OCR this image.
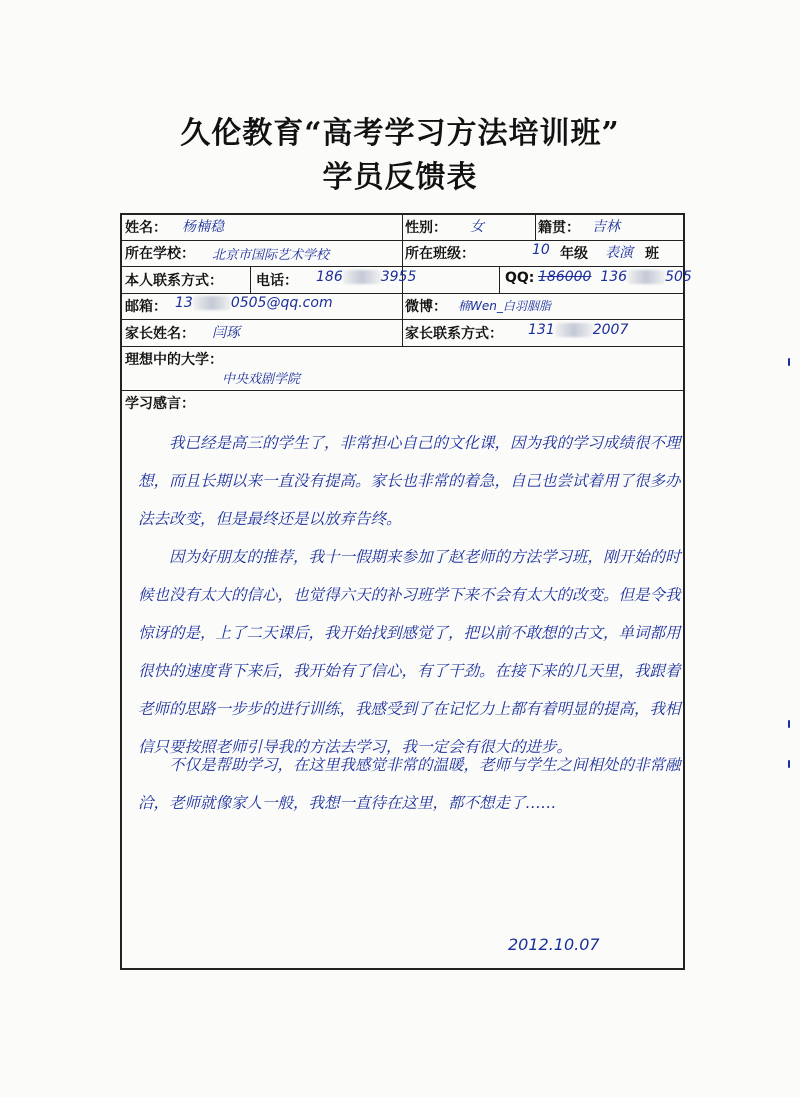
久伦教育“高考学习方法培训班”
学员反馈表
姓名： 杨楠稳	性别： 女	籍贯： 吉林
所在学校： 北京市国际艺术学校	所在班级：	10 年级 表演 班
本人联系方式： 电话： 186	3955	QQ: 186000 136	505
邮箱： 13	0505@qq.com	微博： 楠Wen_白羽胭脂
家长姓名： 闫琢	家长联系方式： 131	2007
理想中的大学：
中央戏剧学院
学习感言：

我已经是高三的学生了，非常担心自己的文化课，因为我的学习成绩很不理想，而且长期以来一直没有提高。家长也非常的着急，自己也尝试着用了很多办法去改变，但是最终还是以放弃告终。

因为好朋友的推荐，我十一假期来参加了赵老师的方法学习班，刚开始的时候也没有太大的信心，也觉得六天的补习班学下来不会有太大的改变。但是令我惊讶的是，上了二天课后，我开始找到感觉了，把以前不敢想的古文，单词都用很快的速度背下来后，我开始有了信心，有了干劲。在接下来的几天里，我跟着老师的思路一步步的进行训练，我感受到了在记忆力上都有着明显的提高，我相信只要按照老师引导我的方法去学习，我一定会有很大的进步。

不仅是帮助学习，在这里我感觉非常的温暖，老师与学生之间相处的非常融洽，老师就像家人一般，我想一直待在这里，都不想走了……

2012.10.07
